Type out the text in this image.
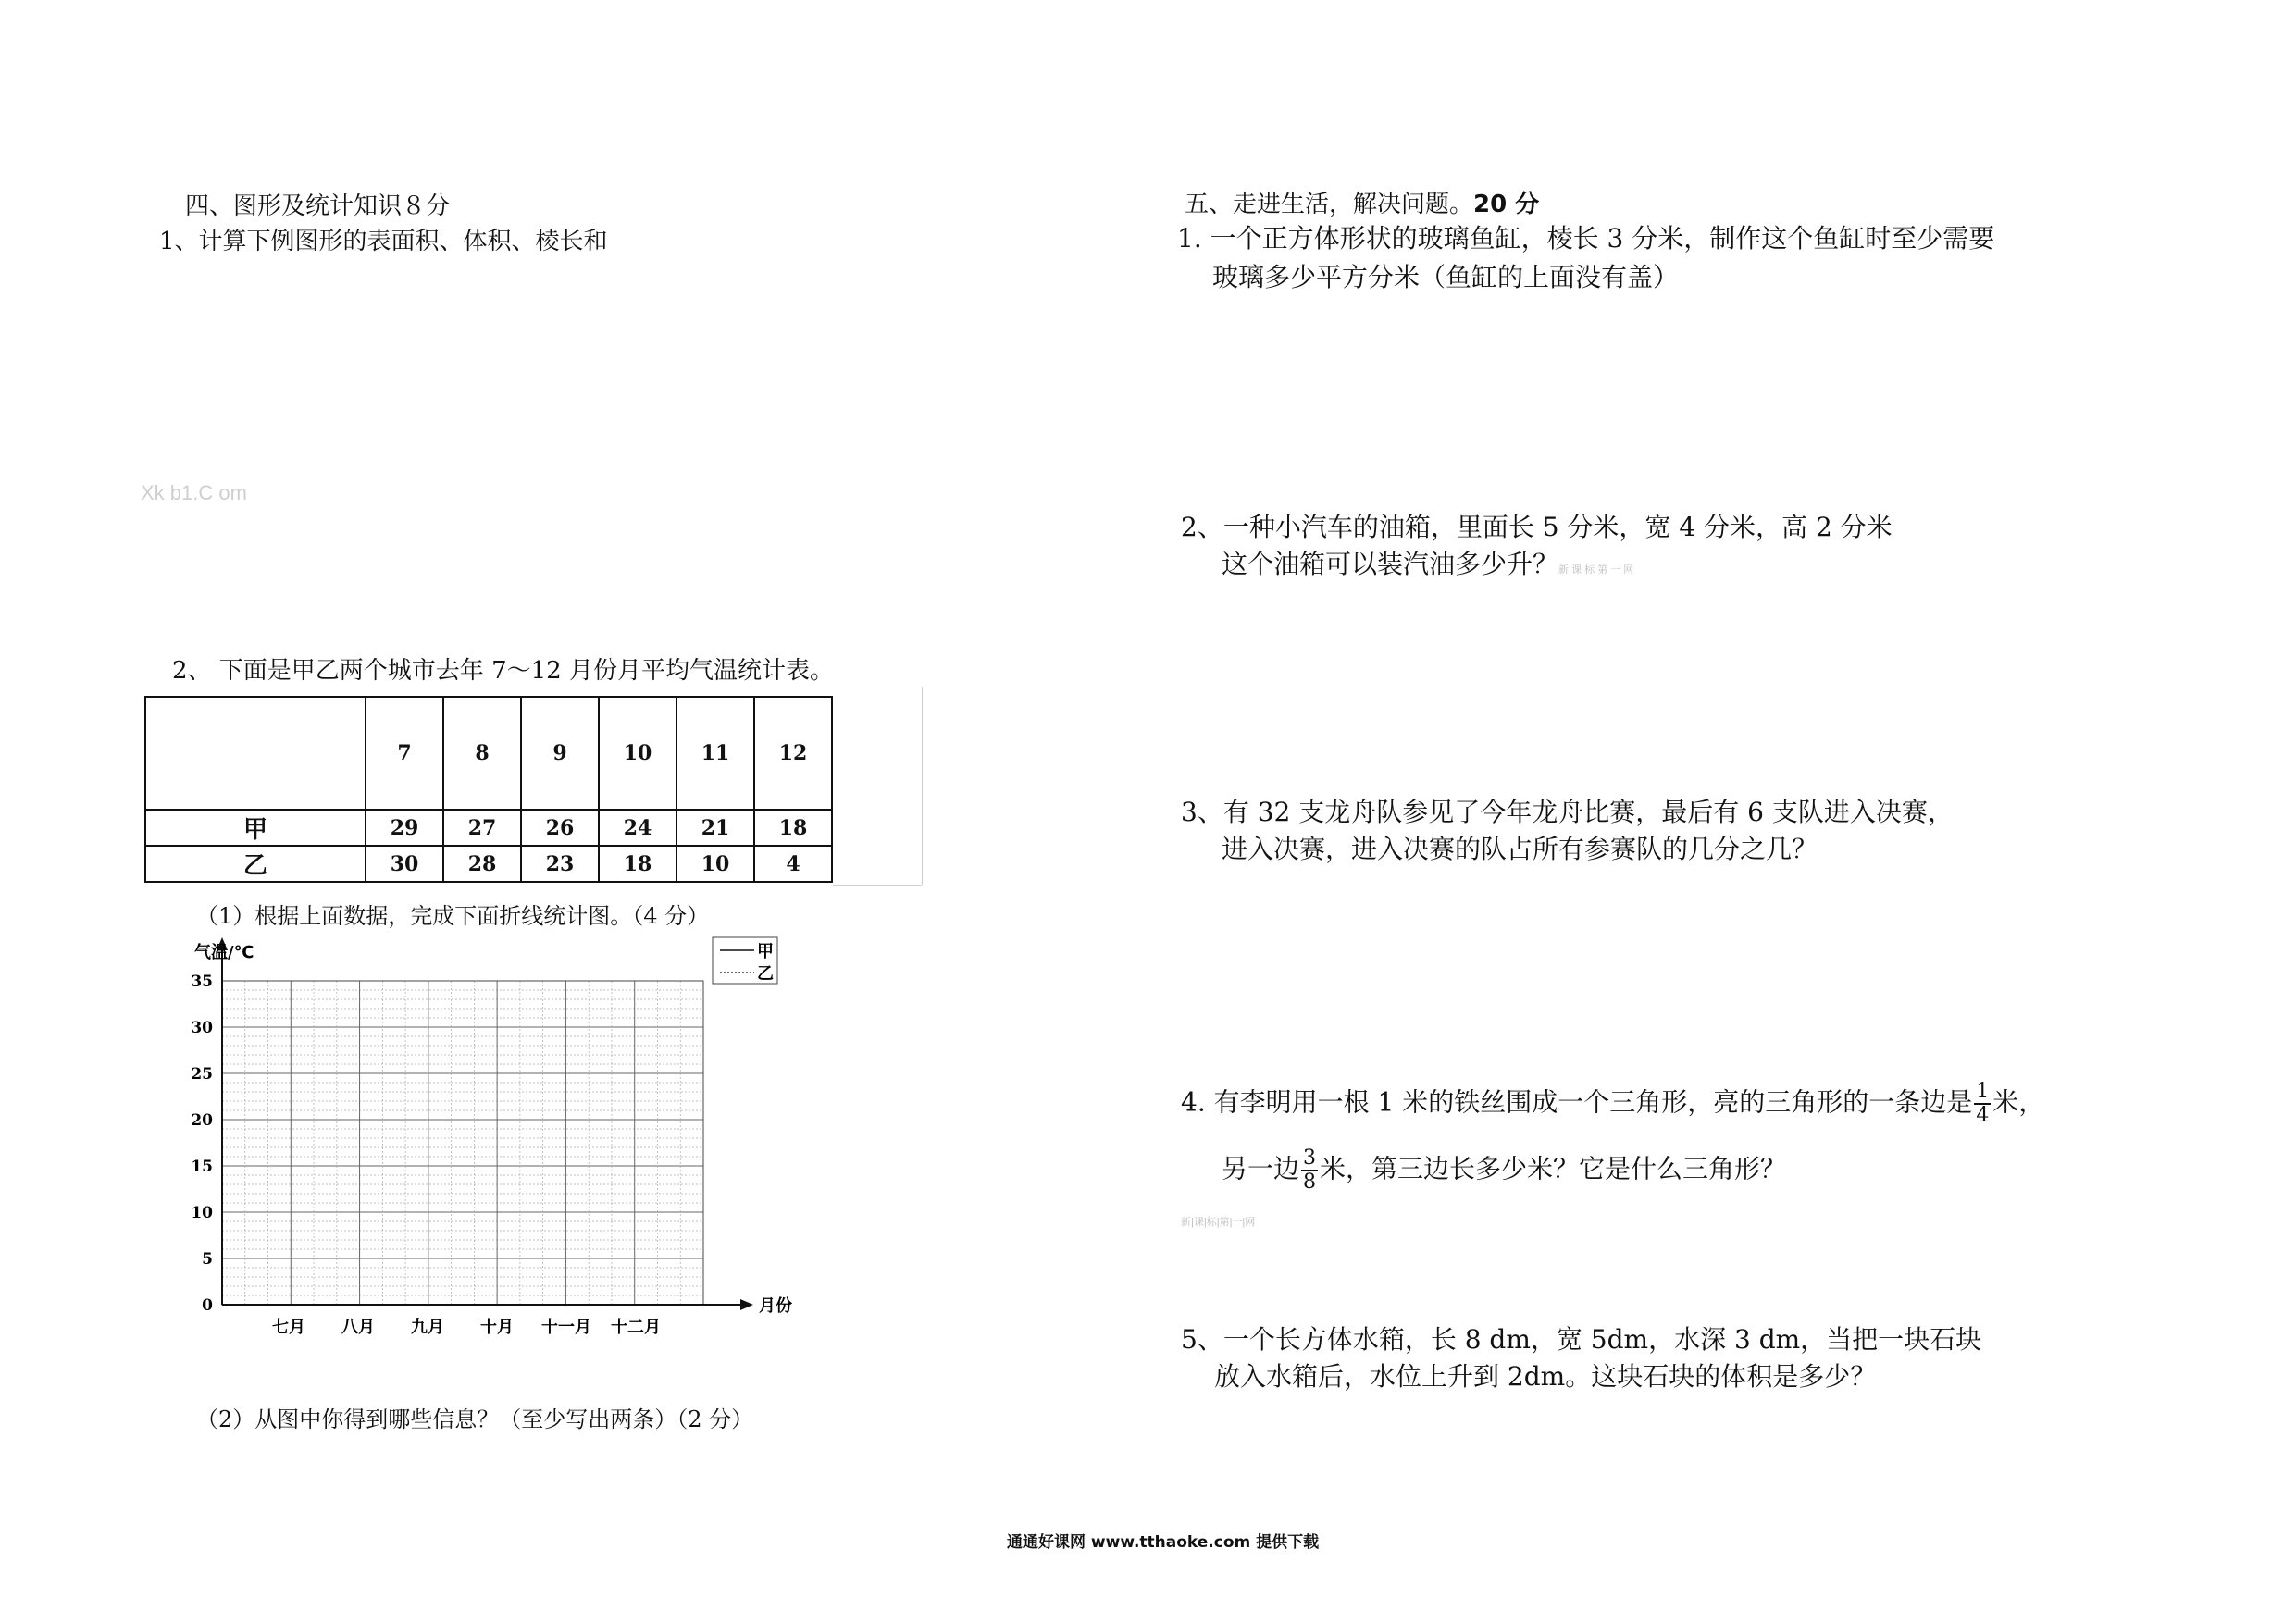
四、图形及统计知识８分
1、计算下例图形的表面积、体积、棱长和
Xk b1.C om
2、 下面是甲乙两个城市去年 7～12 月份月平均气温统计表。
	7	8	9	10	11	12
甲	29	27	26	24	21	18
乙	30	28	23	18	10	4
（1）根据上面数据，完成下面折线统计图。（4 分）
气温/℃
月份
0
5
10
15
20
25
30
35
七月 八月 九月 十月 十一月 十二月
甲
乙
（2）从图中你得到哪些信息？（至少写出两条）（2 分）
五、走进生活，解决问题。20 分
1. 一个正方体形状的玻璃鱼缸，棱长 3 分米，制作这个鱼缸时至少需要
玻璃多少平方分米（鱼缸的上面没有盖）
2、一种小汽车的油箱，里面长 5 分米，宽 4 分米，高 2 分米
这个油箱可以装汽油多少升？新 课 标 第 一 网
3、有 32 支龙舟队参见了今年龙舟比赛，最后有 6 支队进入决赛，
进入决赛，进入决赛的队占所有参赛队的几分之几？
4. 有李明用一根 1 米的铁丝围成一个三角形，亮的三角形的一条边是 $\frac{1}{4}$ 米，
另一边 $\frac{3}{8}$ 米，第三边长多少米？它是什么三角形？
新|课|标|第|一|网
5、一个长方体水箱，长 8 dm，宽 5dm，水深 3 dm，当把一块石块
放入水箱后，水位上升到 2dm。这块石块的体积是多少？
通通好课网 www.tthaoke.com 提供下载
